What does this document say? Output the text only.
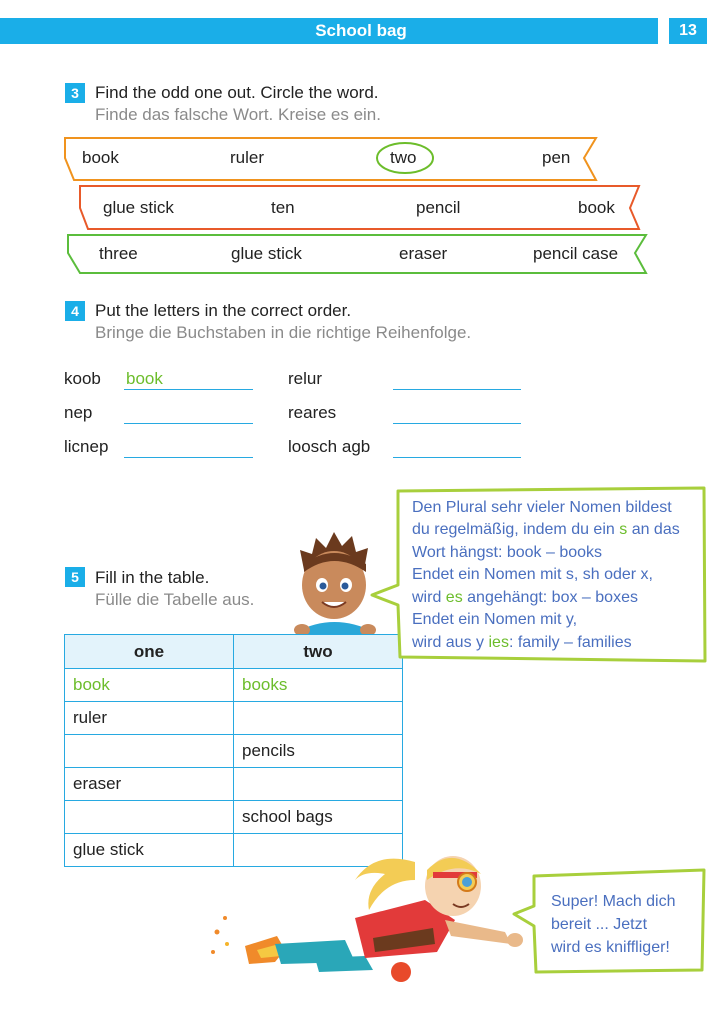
School bag	13
3 Find the odd one out. Circle the word.
Finde das falsche Wort. Kreise es ein.
book	ruler	two	pen
glue stick	ten	pencil	book
three	glue stick	eraser	pencil case
4 Put the letters in the correct order.
Bringe die Buchstaben in die richtige Reihenfolge.
koob book	relur
nep	reares
licnep	loosch agb
5 Fill in the table.
Fülle die Tabelle aus.
one	two
book	books
ruler	
	pencils
eraser	
	school bags
glue stick	
Den Plural sehr vieler Nomen bildest
du regelmäßig, indem du ein s an das
Wort hängst: book – books
Endet ein Nomen mit s, sh oder x,
wird es angehängt: box – boxes
Endet ein Nomen mit y,
wird aus y ies: family – families
Super! Mach dich
bereit ... Jetzt
wird es kniffliger!
